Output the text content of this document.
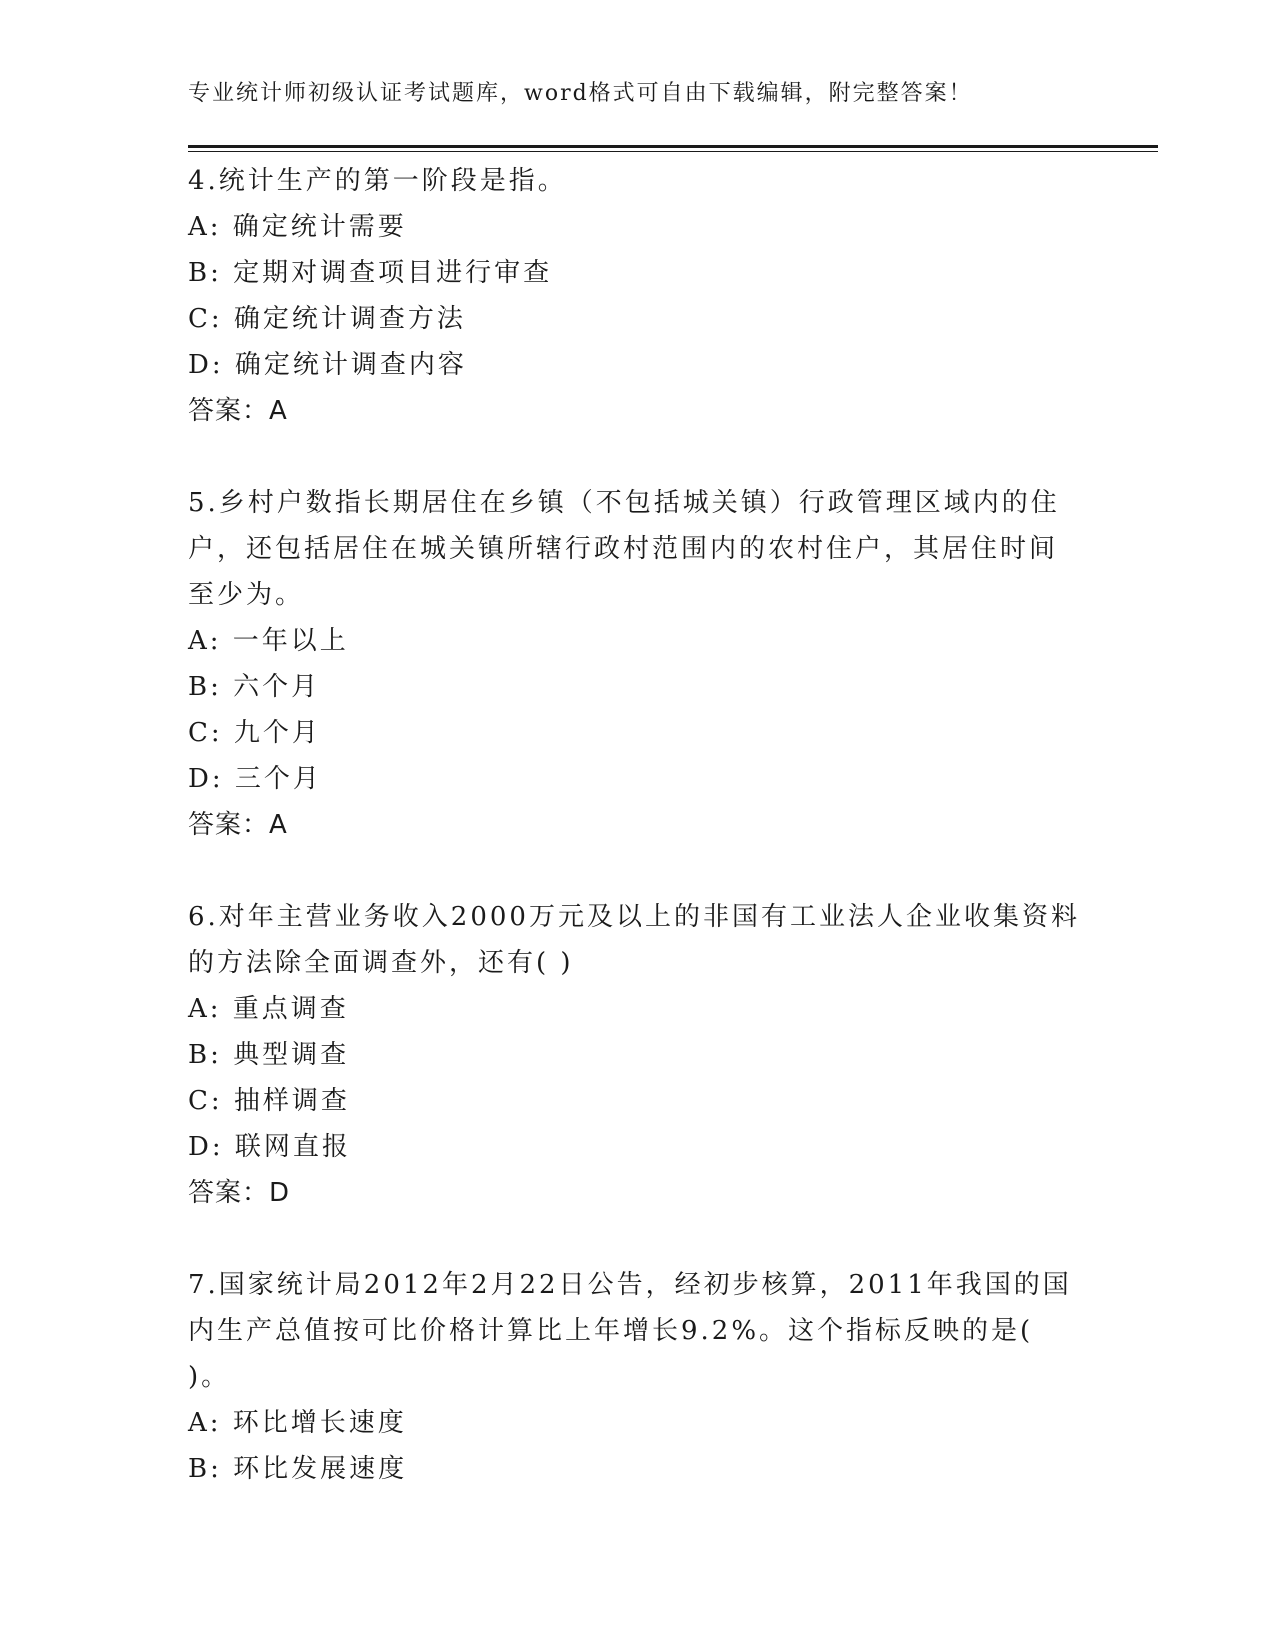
专业统计师初级认证考试题库，word格式可自由下载编辑，附完整答案！
4.统计生产的第一阶段是指。
A: 确定统计需要
B: 定期对调查项目进行审查
C: 确定统计调查方法
D: 确定统计调查内容
答案：A
5.乡村户数指长期居住在乡镇（不包括城关镇）行政管理区域内的住
户，还包括居住在城关镇所辖行政村范围内的农村住户，其居住时间
至少为。
A: 一年以上
B: 六个月
C: 九个月
D: 三个月
答案：A
6.对年主营业务收入2000万元及以上的非国有工业法人企业收集资料
的方法除全面调查外，还有( )
A: 重点调查
B: 典型调查
C: 抽样调查
D: 联网直报
答案：D
7.国家统计局2012年2月22日公告，经初步核算，2011年我国的国
内生产总值按可比价格计算比上年增长9.2%。这个指标反映的是(
)。
A: 环比增长速度
B: 环比发展速度
